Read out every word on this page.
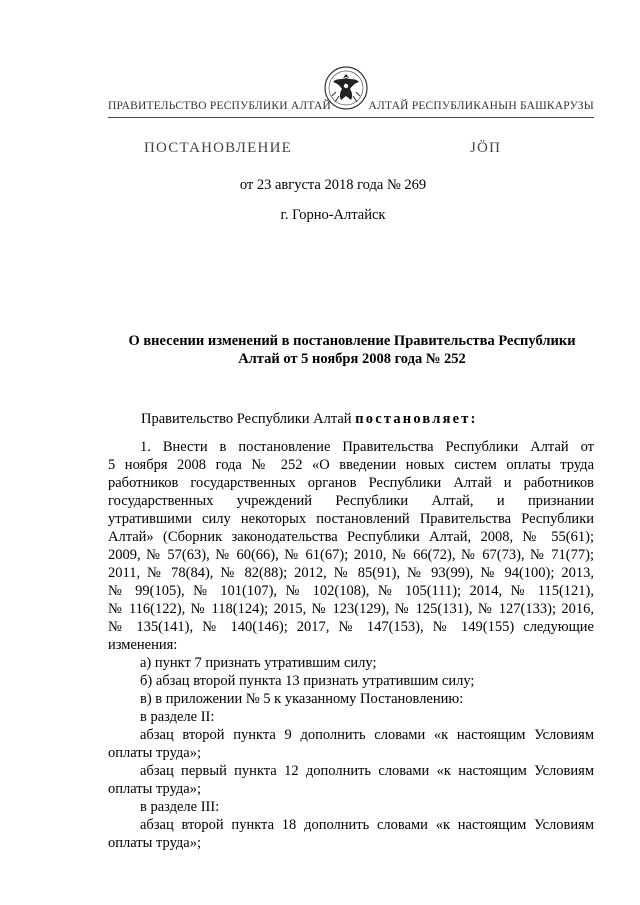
ПРАВИТЕЛЬСТВО РЕСПУБЛИКИ АЛТАЙ	АЛТАЙ РЕСПУБЛИКАНЫН БАШКАРУЗЫ
ПОСТАНОВЛЕНИЕ	ЈÖП
от 23 августа 2018 года № 269
г. Горно-Алтайск
О внесении изменений в постановление Правительства Республики
Алтай от 5 ноября 2008 года № 252
Правительство Республики Алтай постановляет:
1. Внести в постановление Правительства Республики Алтай от
5 ноября 2008 года № 252 «О введении новых систем оплаты труда
работников государственных органов Республики Алтай и работников
государственных учреждений Республики Алтай, и признании
утратившими силу некоторых постановлений Правительства Республики
Алтай» (Сборник законодательства Республики Алтай, 2008, № 55(61);
2009, № 57(63), № 60(66), № 61(67); 2010, № 66(72), № 67(73), № 71(77);
2011, № 78(84), № 82(88); 2012, № 85(91), № 93(99), № 94(100); 2013,
№ 99(105), № 101(107), № 102(108), № 105(111); 2014, № 115(121),
№ 116(122), № 118(124); 2015, № 123(129), № 125(131), № 127(133); 2016,
№ 135(141), № 140(146); 2017, № 147(153), № 149(155) следующие
изменения:
а) пункт 7 признать утратившим силу;
б) абзац второй пункта 13 признать утратившим силу;
в) в приложении № 5 к указанному Постановлению:
в разделе II:
абзац второй пункта 9 дополнить словами «к настоящим Условиям
оплаты труда»;
абзац первый пункта 12 дополнить словами «к настоящим Условиям
оплаты труда»;
в разделе III:
абзац второй пункта 18 дополнить словами «к настоящим Условиям
оплаты труда»;
